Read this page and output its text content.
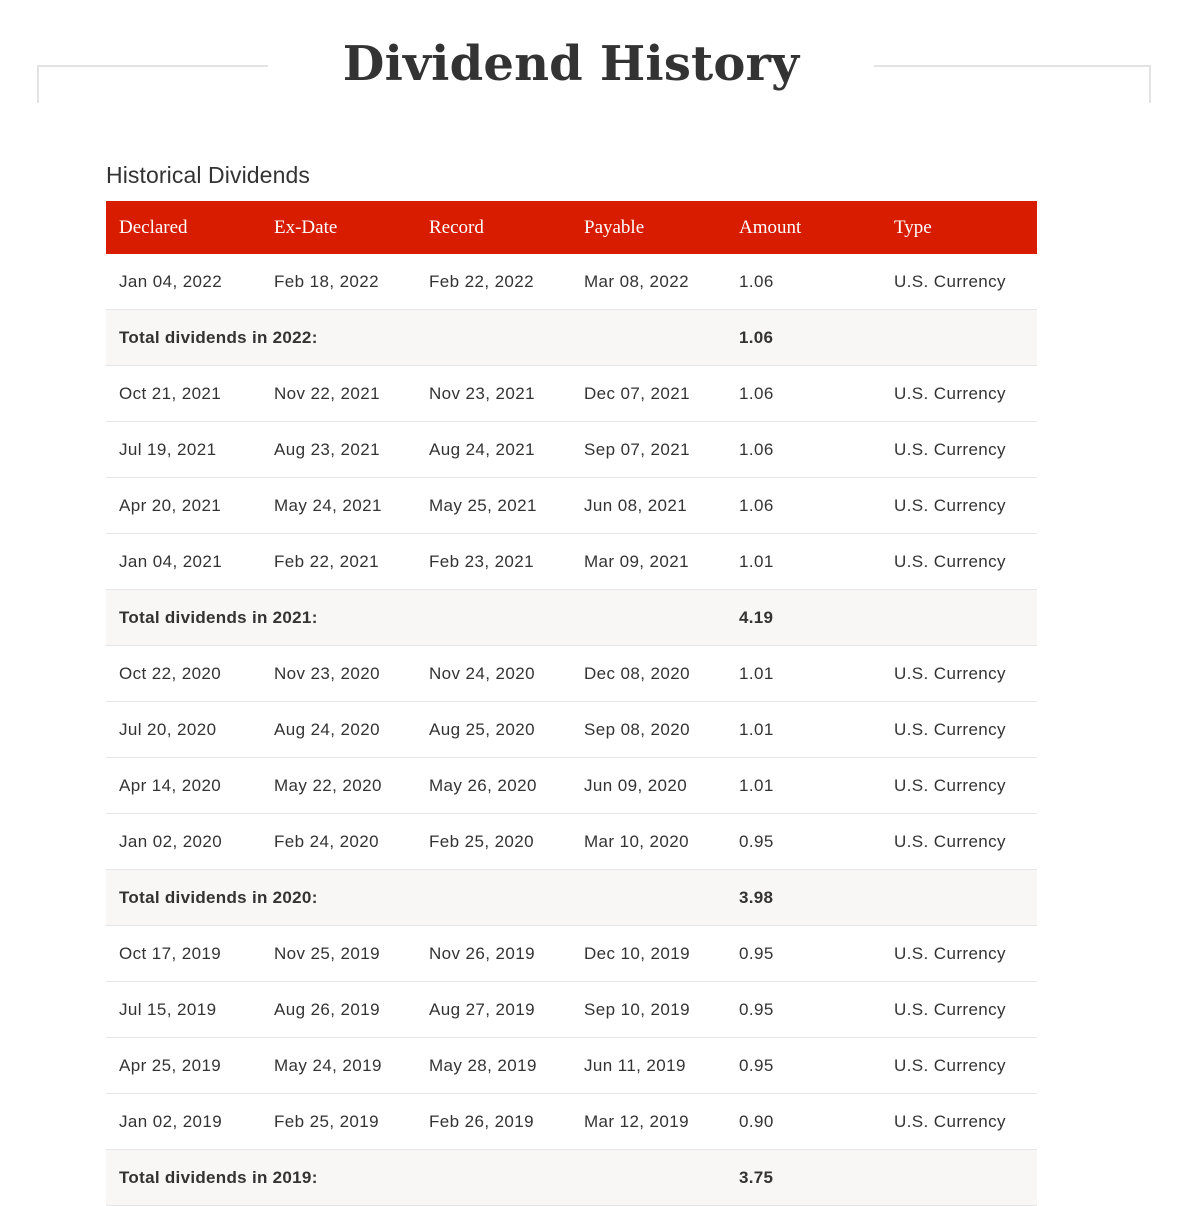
Dividend History
Historical Dividends
Declared	Ex-Date	Record	Payable	Amount	Type
Jan 04, 2022	Feb 18, 2022	Feb 22, 2022	Mar 08, 2022	1.06	U.S. Currency
Total dividends in 2022:				1.06	
Oct 21, 2021	Nov 22, 2021	Nov 23, 2021	Dec 07, 2021	1.06	U.S. Currency
Jul 19, 2021	Aug 23, 2021	Aug 24, 2021	Sep 07, 2021	1.06	U.S. Currency
Apr 20, 2021	May 24, 2021	May 25, 2021	Jun 08, 2021	1.06	U.S. Currency
Jan 04, 2021	Feb 22, 2021	Feb 23, 2021	Mar 09, 2021	1.01	U.S. Currency
Total dividends in 2021:				4.19	
Oct 22, 2020	Nov 23, 2020	Nov 24, 2020	Dec 08, 2020	1.01	U.S. Currency
Jul 20, 2020	Aug 24, 2020	Aug 25, 2020	Sep 08, 2020	1.01	U.S. Currency
Apr 14, 2020	May 22, 2020	May 26, 2020	Jun 09, 2020	1.01	U.S. Currency
Jan 02, 2020	Feb 24, 2020	Feb 25, 2020	Mar 10, 2020	0.95	U.S. Currency
Total dividends in 2020:				3.98	
Oct 17, 2019	Nov 25, 2019	Nov 26, 2019	Dec 10, 2019	0.95	U.S. Currency
Jul 15, 2019	Aug 26, 2019	Aug 27, 2019	Sep 10, 2019	0.95	U.S. Currency
Apr 25, 2019	May 24, 2019	May 28, 2019	Jun 11, 2019	0.95	U.S. Currency
Jan 02, 2019	Feb 25, 2019	Feb 26, 2019	Mar 12, 2019	0.90	U.S. Currency
Total dividends in 2019:				3.75	
